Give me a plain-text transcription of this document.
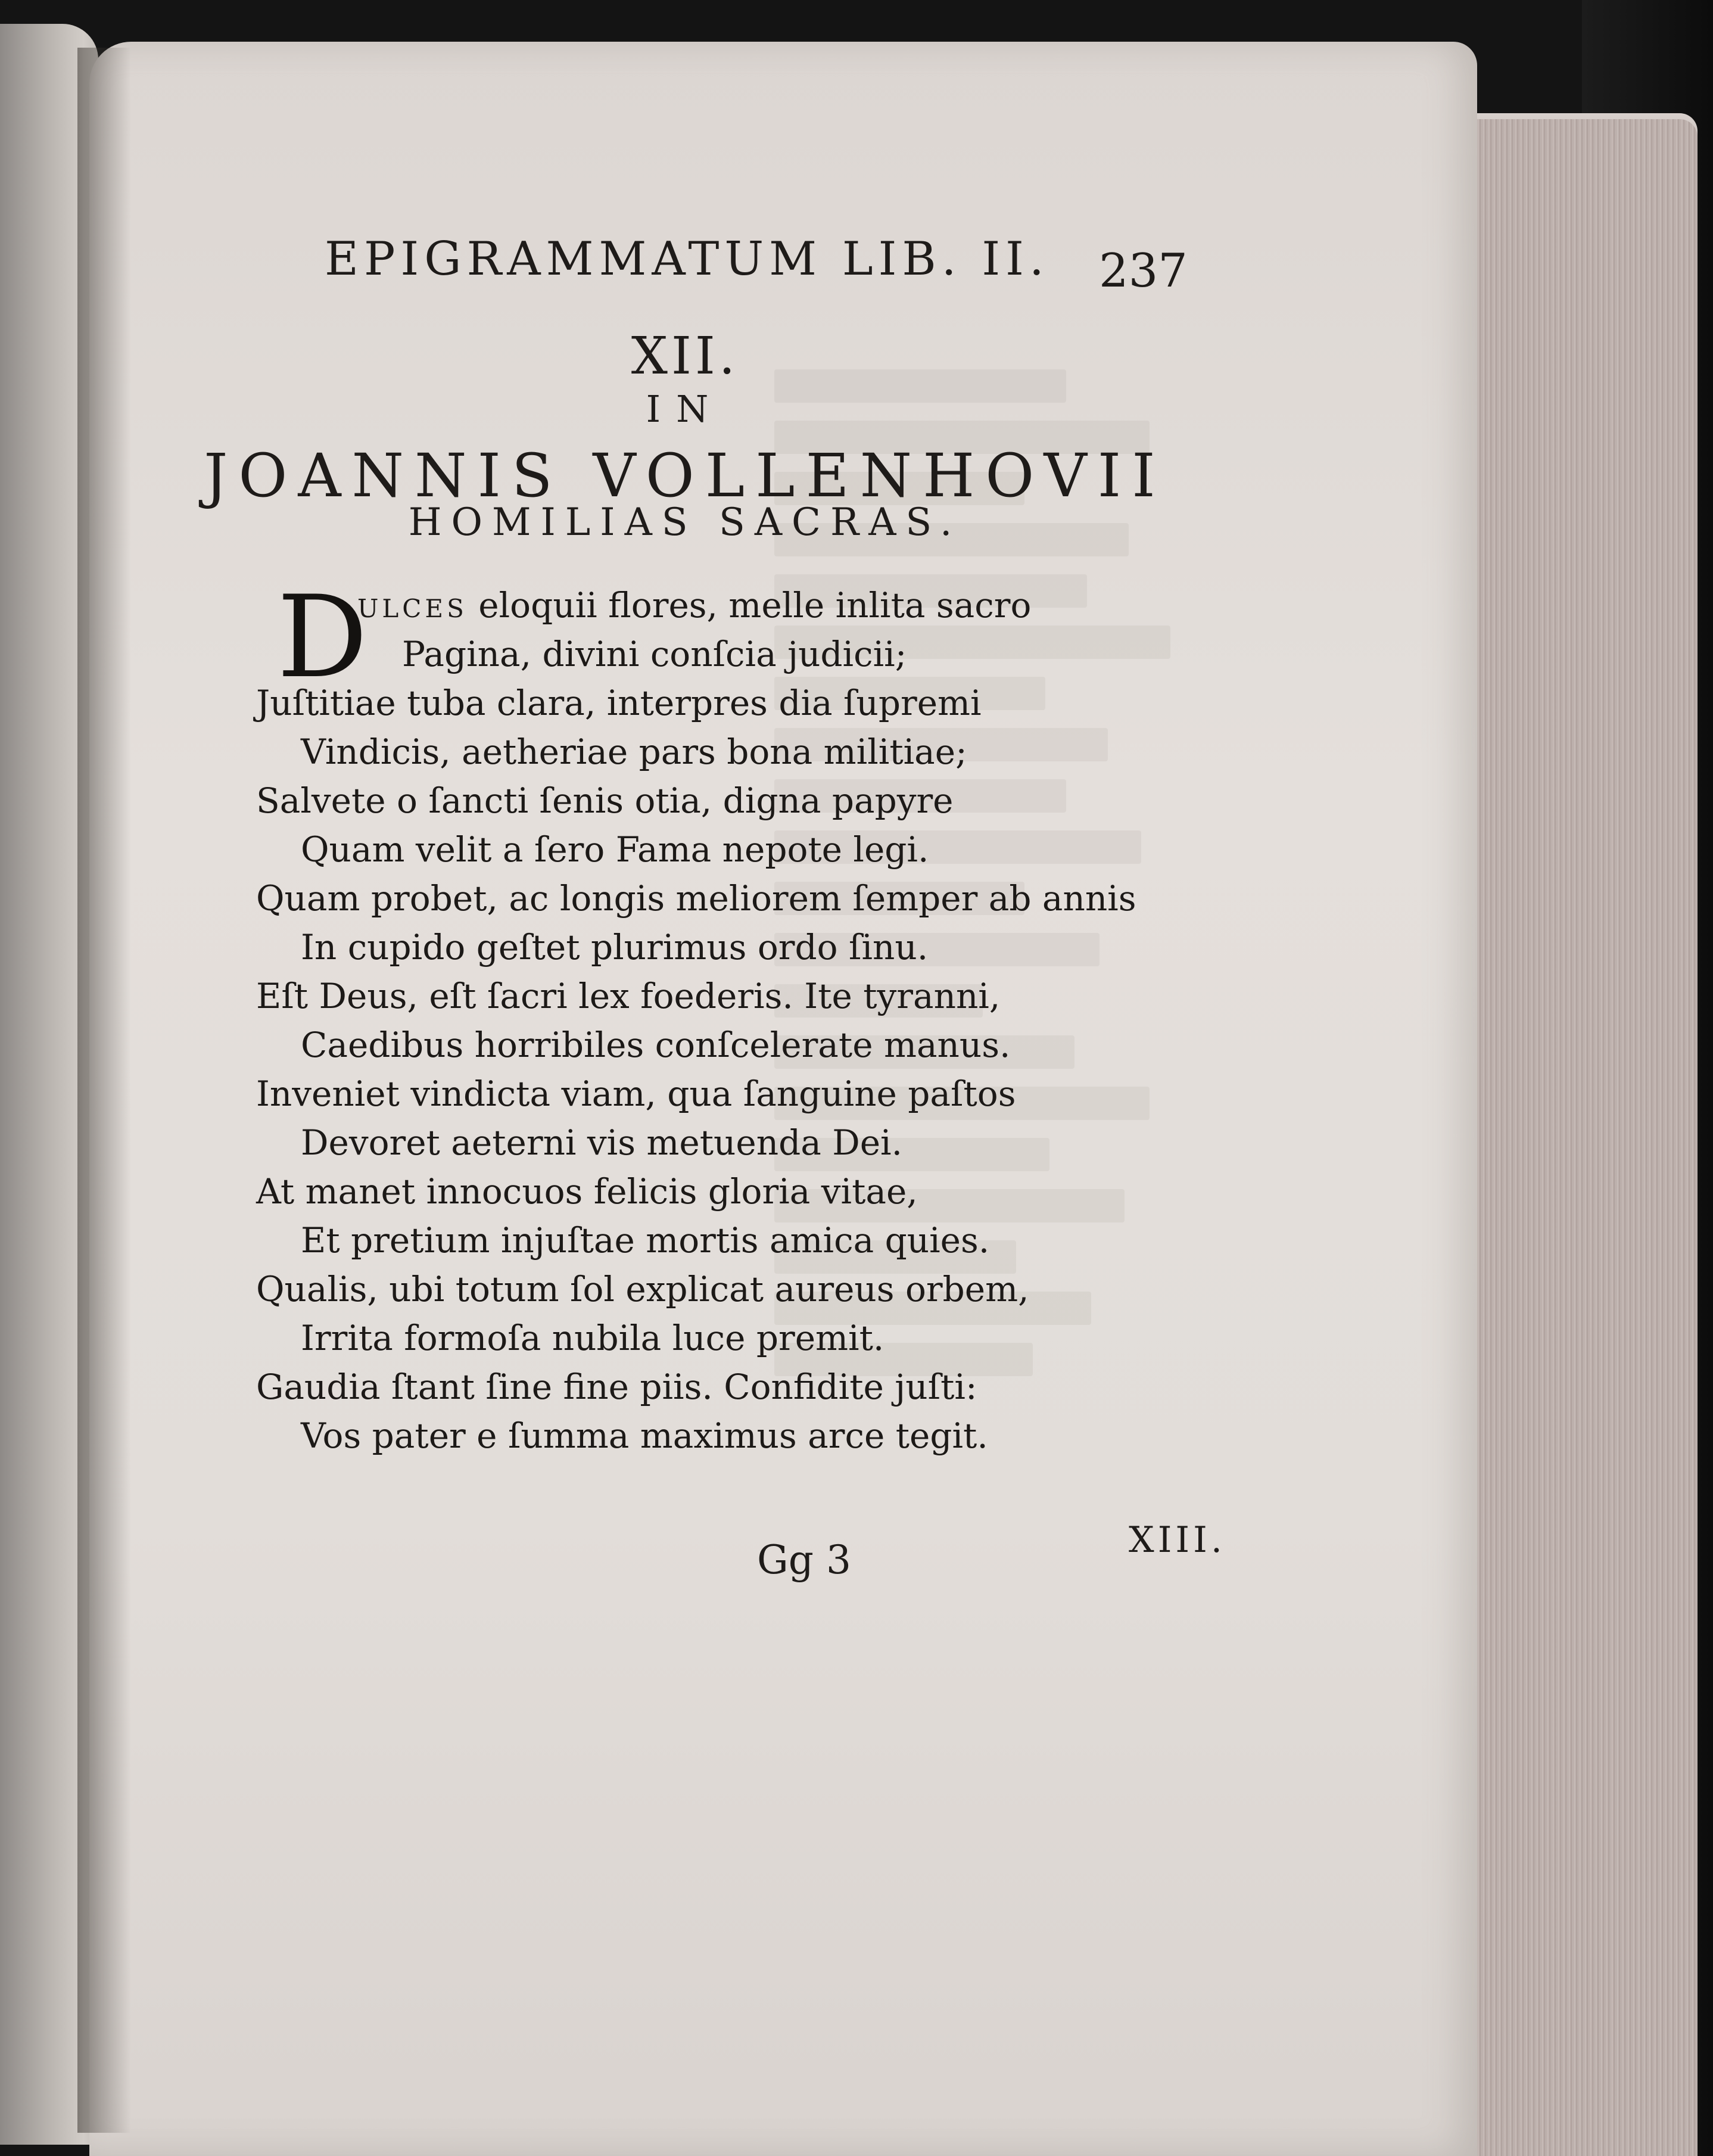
EPIGRAMMATUM LIB. II. 237
XII.
IN
JOANNIS VOLLENHOVII
HOMILIAS SACRAS.
D
ULCES eloquii flores, melle inlita sacro
Pagina, divini conſcia judicii;
Juſtitiae tuba clara, interpres dia ſupremi
Vindicis, aetheriae pars bona militiae;
Salvete o ſancti ſenis otia, digna papyre
Quam velit a ſero Fama nepote legi.
Quam probet, ac longis meliorem ſemper ab annis
In cupido geſtet plurimus ordo ſinu.
Eſt Deus, eſt ſacri lex foederis. Ite tyranni,
Caedibus horribiles conſcelerate manus.
Inveniet vindicta viam, qua ſanguine paſtos
Devoret aeterni vis metuenda Dei.
At manet innocuos felicis gloria vitae,
Et pretium injuſtae mortis amica quies.
Qualis, ubi totum ſol explicat aureus orbem,
Irrita formoſa nubila luce premit.
Gaudia ſtant ſine fine piis. Confidite juſti:
Vos pater e ſumma maximus arce tegit.
Gg 3	XIII.
